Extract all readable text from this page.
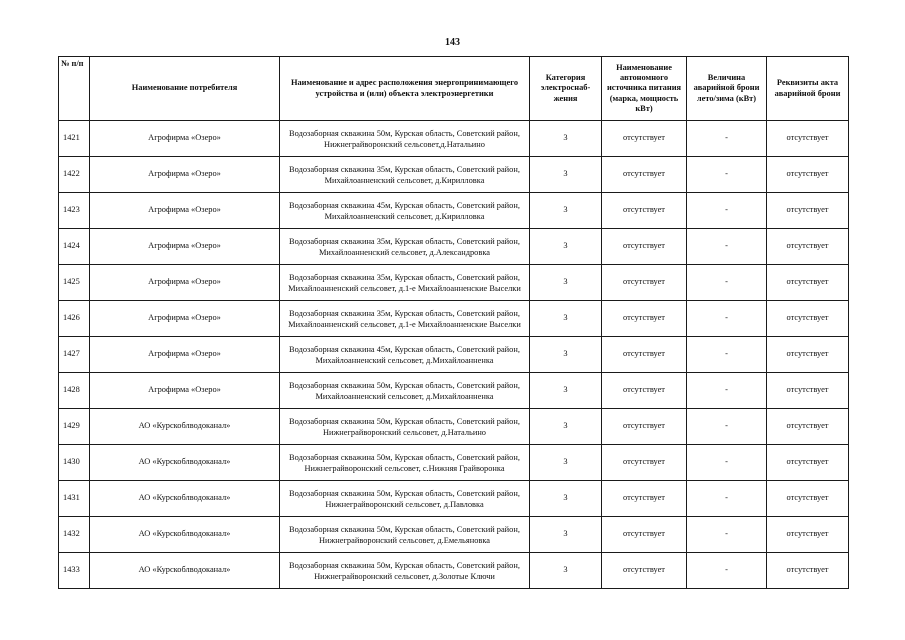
143
№ п/п	Наименование потребителя	Наименование и адрес расположения энергопринимающего устройства и (или) объекта электроэнергетики	Категория электроснаб-жения	Наименование автономного источника питания (марка, мощность кВт)	Величина аварийной брони лето/зима (кВт)	Реквизиты акта аварийной брони
1421	Агрофирма «Озеро»	Водозаборная скважина 50м, Курская область, Советский район, Нижнеграйворонский сельсовет,д.Натальино	3	отсутствует	-	отсутствует
1422	Агрофирма «Озеро»	Водозаборная скважина 35м, Курская область, Советский район, Михайлоанненский сельсовет, д.Кирилловка	3	отсутствует	-	отсутствует
1423	Агрофирма «Озеро»	Водозаборная скважина 45м, Курская область, Советский район, Михайлоанненский сельсовет, д.Кирилловка	3	отсутствует	-	отсутствует
1424	Агрофирма «Озеро»	Водозаборная скважина 35м, Курская область, Советский район, Михайлоанненский сельсовет, д.Александровка	3	отсутствует	-	отсутствует
1425	Агрофирма «Озеро»	Водозаборная скважина 35м, Курская область, Советский район, Михайлоанненский сельсовет, д.1-е Михайлоанненские Выселки	3	отсутствует	-	отсутствует
1426	Агрофирма «Озеро»	Водозаборная скважина 35м, Курская область, Советский район, Михайлоанненский сельсовет, д.1-е Михайлоанненские Выселки	3	отсутствует	-	отсутствует
1427	Агрофирма «Озеро»	Водозаборная скважина 45м, Курская область, Советский район, Михайлоанненский сельсовет, д.Михайлоанненка	3	отсутствует	-	отсутствует
1428	Агрофирма «Озеро»	Водозаборная скважина 50м, Курская область, Советский район, Михайлоанненский сельсовет, д.Михайлоанненка	3	отсутствует	-	отсутствует
1429	АО «Курскоблводоканал»	Водозаборная скважина 50м, Курская область, Советский район, Нижнеграйворонский сельсовет, д.Натальино	3	отсутствует	-	отсутствует
1430	АО «Курскоблводоканал»	Водозаборная скважина 50м, Курская область, Советский район, Нижнеграйворонский сельсовет, с.Нижняя Грайворонка	3	отсутствует	-	отсутствует
1431	АО «Курскоблводоканал»	Водозаборная скважина 50м, Курская область, Советский район, Нижнеграйворонский сельсовет, д.Павловка	3	отсутствует	-	отсутствует
1432	АО «Курскоблводоканал»	Водозаборная скважина 50м, Курская область, Советский район, Нижнеграйворонский сельсовет, д.Емельяновка	3	отсутствует	-	отсутствует
1433	АО «Курскоблводоканал»	Водозаборная скважина 50м, Курская область, Советский район, Нижнеграйворонский сельсовет, д.Золотые Ключи	3	отсутствует	-	отсутствует
